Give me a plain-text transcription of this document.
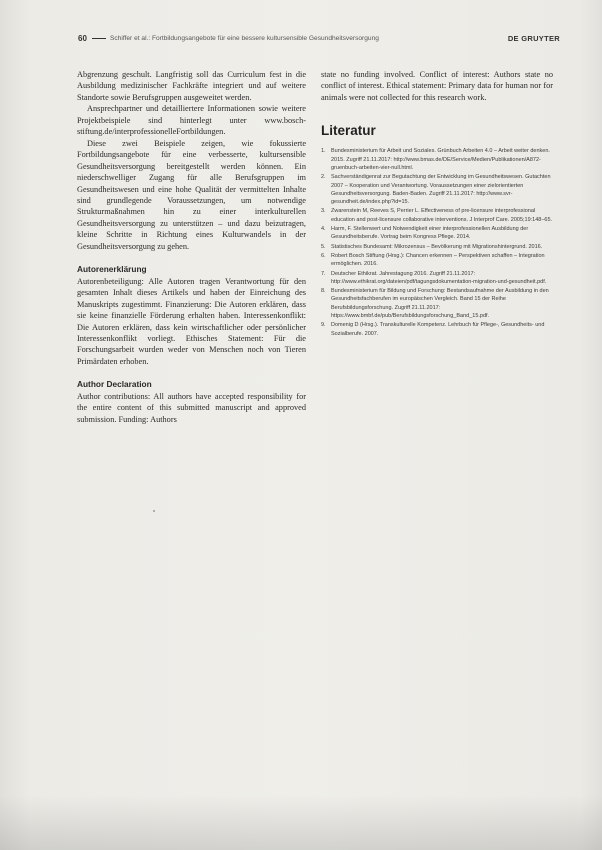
60	Schiffer et al.: Fortbildungsangebote für eine bessere kultursensible Gesundheitsversorgung	DE GRUYTER

Abgrenzung geschult. Langfristig soll das Curriculum fest in die Ausbildung medizinischer Fachkräfte integriert und auf weitere Standorte sowie Berufsgruppen ausgeweitet werden.

Ansprechpartner und detailliertere Informationen sowie weitere Projektbeispiele sind hinterlegt unter www.bosch-stiftung.de/interprofessionelleFortbildungen.

Diese zwei Beispiele zeigen, wie fokussierte Fortbildungsangebote für eine verbesserte, kultursensible Gesundheitsversorgung bereitgestellt werden können. Ein niederschwelliger Zugang für alle Berufsgruppen im Gesundheitswesen und eine hohe Qualität der vermittelten Inhalte sind grundlegende Voraussetzungen, um notwendige Strukturmaßnahmen hin zu einer interkulturellen Gesundheitsversorgung zu unterstützen – und dazu beizutragen, kleine Schritte in Richtung eines Kulturwandels in der Gesundheitsversorgung zu gehen.

Autorenerklärung

Autorenbeteiligung: Alle Autoren tragen Verantwortung für den gesamten Inhalt dieses Artikels und haben der Einreichung des Manuskripts zugestimmt. Finanzierung: Die Autoren erklären, dass sie keine finanzielle Förderung erhalten haben. Interessenkonflikt: Die Autoren erklären, dass kein wirtschaftlicher oder persönlicher Interessenkonflikt vorliegt. Ethisches Statement: Für die Forschungsarbeit wurden weder von Menschen noch von Tieren Primärdaten erhoben.

Author Declaration

Author contributions: All authors have accepted responsibility for the entire content of this submitted manuscript and approved submission. Funding: Authors

state no funding involved. Conflict of interest: Authors state no conflict of interest. Ethical statement: Primary data for human nor for animals were not collected for this research work.

Literatur
1. Bundesministerium für Arbeit und Soziales. Grünbuch Arbeiten 4.0 – Arbeit weiter denken. 2015. Zugriff 21.11.2017: http://www.bmas.de/DE/Service/Medien/Publikationen/A872-gruenbuch-arbeiten-vier-null.html.
2. Sachverständigenrat zur Begutachtung der Entwicklung im Gesundheitswesen. Gutachten 2007 – Kooperation und Verantwortung. Voraussetzungen einer zielorientierten Gesundheitsversorgung. Baden-Baden. Zugriff 21.11.2017: http://www.svr-gesundheit.de/index.php?id=15.
3. Zwarenstein M, Reeves S, Perrier L. Effectiveness of pre-licensure interprofessional education and post-licensure collaborative interventions. J Interprof Care. 2005;19:148–65.
4. Harm, F. Stellenwert und Notwendigkeit einer interprofessionellen Ausbildung der Gesundheitsberufe. Vortrag beim Kongress Pflege. 2014.
5. Statistisches Bundesamt: Mikrozensus – Bevölkerung mit Migrationshintergrund. 2016.
6. Robert Bosch Stiftung (Hrsg.): Chancen erkennen – Perspektiven schaffen – Integration ermöglichen. 2016.
7. Deutscher Ethikrat. Jahrestagung 2016. Zugriff 21.11.2017: http://www.ethikrat.org/dateien/pdf/tagungsdokumentation-migration-und-gesundheit.pdf.
8. Bundesministerium für Bildung und Forschung: Bestandsaufnahme der Ausbildung in den Gesundheitsfachberufen im europäischen Vergleich. Band 15 der Reihe Berufsbildungsforschung. Zugriff 21.11.2017: https://www.bmbf.de/pub/Berufsbildungsforschung_Band_15.pdf.
9. Domenig D (Hrsg.). Transkulturelle Kompetenz. Lehrbuch für Pflege-, Gesundheits- und Sozialberufe. 2007.
